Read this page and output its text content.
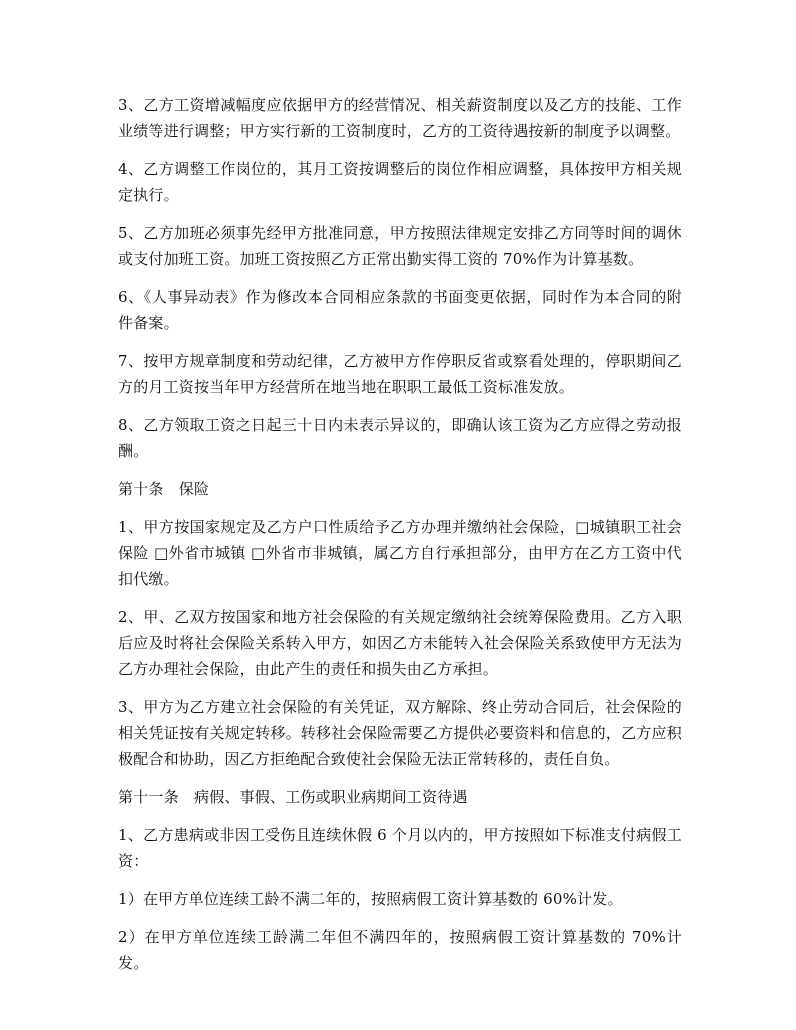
3、乙方工资增减幅度应依据甲方的经营情况、相关薪资制度以及乙方的技能、工作业绩等进行调整；甲方实行新的工资制度时，乙方的工资待遇按新的制度予以调整。

4、乙方调整工作岗位的，其月工资按调整后的岗位作相应调整，具体按甲方相关规定执行。

5、乙方加班必须事先经甲方批准同意，甲方按照法律规定安排乙方同等时间的调休或支付加班工资。加班工资按照乙方正常出勤实得工资的 70%作为计算基数。

6、《人事异动表》作为修改本合同相应条款的书面变更依据，同时作为本合同的附件备案。

7、按甲方规章制度和劳动纪律，乙方被甲方作停职反省或察看处理的，停职期间乙方的月工资按当年甲方经营所在地当地在职职工最低工资标准发放。

8、乙方领取工资之日起三十日内未表示异议的，即确认该工资为乙方应得之劳动报酬。

第十条　保险

1、甲方按国家规定及乙方户口性质给予乙方办理并缴纳社会保险，□城镇职工社会保险 □外省市城镇 □外省市非城镇，属乙方自行承担部分，由甲方在乙方工资中代扣代缴。

2、甲、乙双方按国家和地方社会保险的有关规定缴纳社会统筹保险费用。乙方入职后应及时将社会保险关系转入甲方，如因乙方未能转入社会保险关系致使甲方无法为乙方办理社会保险，由此产生的责任和损失由乙方承担。

3、甲方为乙方建立社会保险的有关凭证，双方解除、终止劳动合同后，社会保险的相关凭证按有关规定转移。转移社会保险需要乙方提供必要资料和信息的，乙方应积极配合和协助，因乙方拒绝配合致使社会保险无法正常转移的，责任自负。

第十一条　病假、事假、工伤或职业病期间工资待遇

1、乙方患病或非因工受伤且连续休假 6 个月以内的，甲方按照如下标准支付病假工资：

1）在甲方单位连续工龄不满二年的，按照病假工资计算基数的 60%计发。

2）在甲方单位连续工龄满二年但不满四年的，按照病假工资计算基数的 70%计发。
